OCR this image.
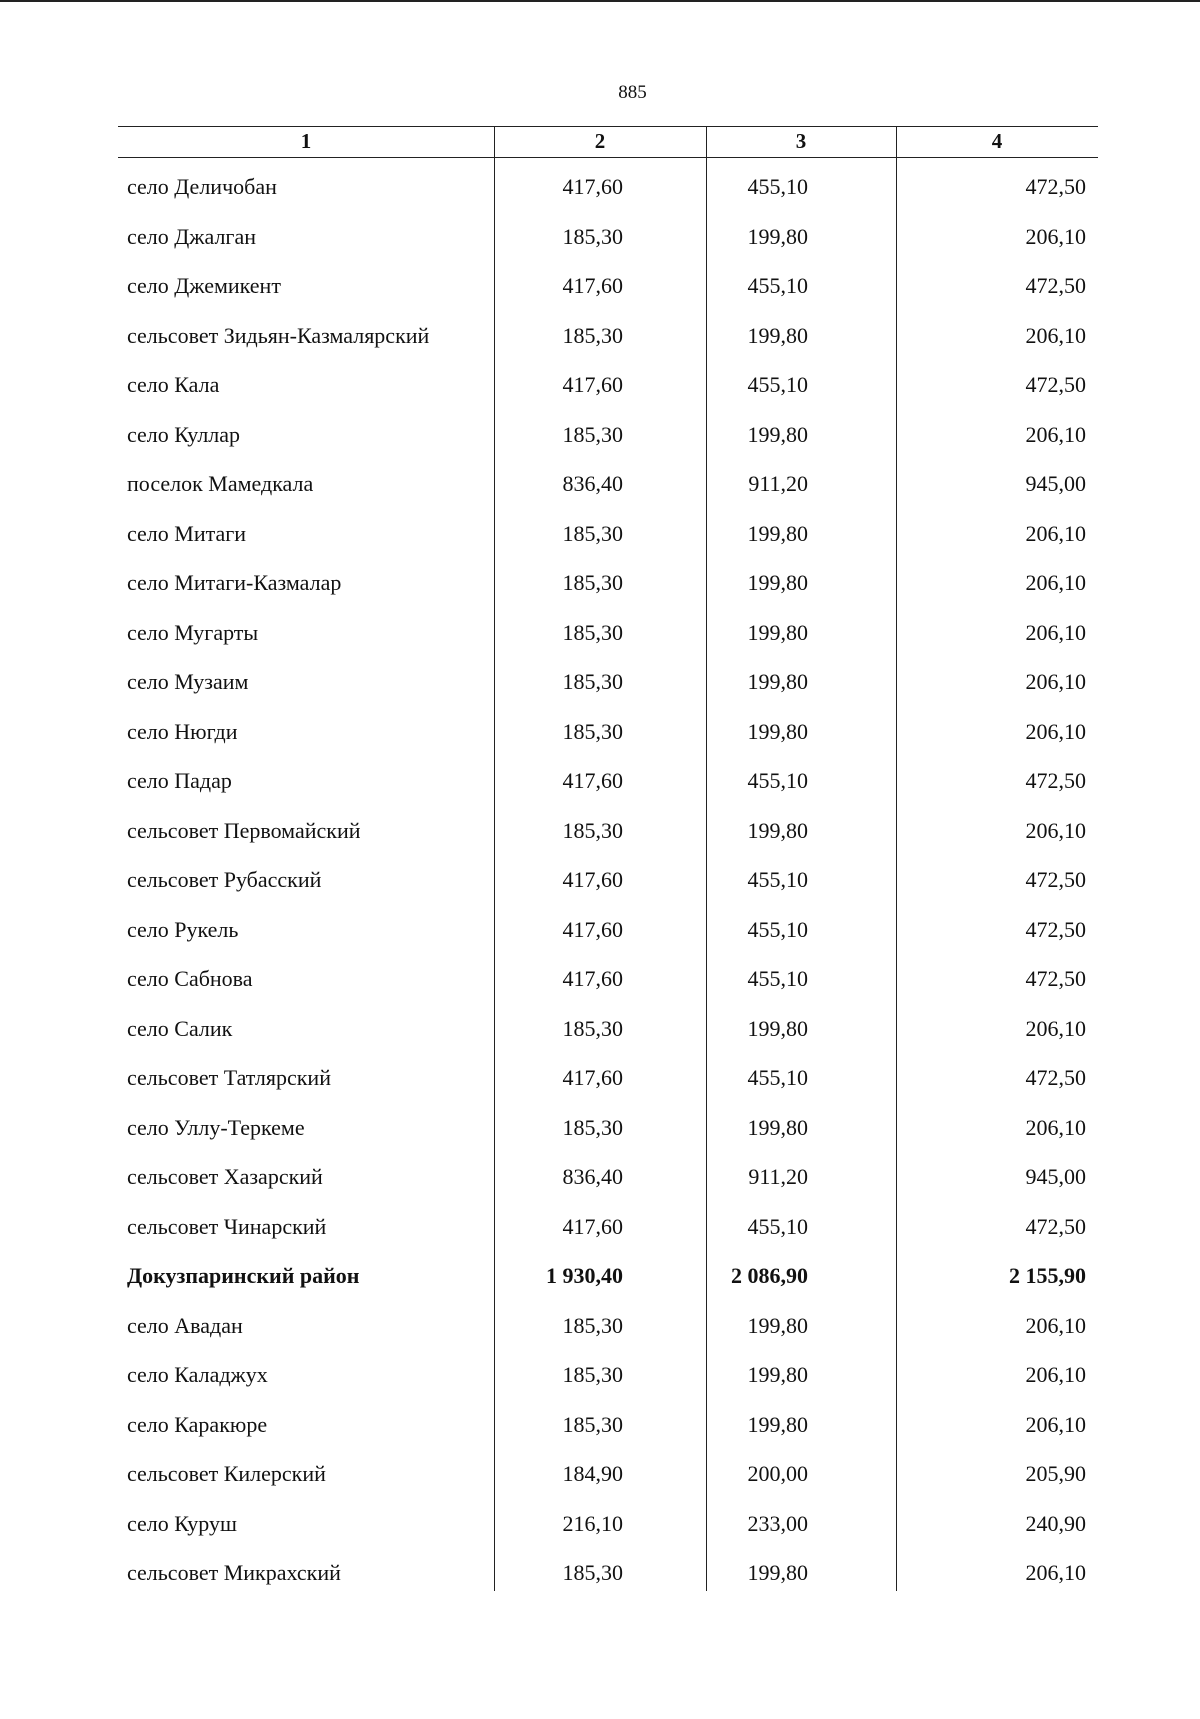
885
1	2	3	4
село Деличобан	417,60	455,10	472,50
село Джалган	185,30	199,80	206,10
село Джемикент	417,60	455,10	472,50
сельсовет Зидьян-Казмалярский	185,30	199,80	206,10
село Кала	417,60	455,10	472,50
село Куллар	185,30	199,80	206,10
поселок Мамедкала	836,40	911,20	945,00
село Митаги	185,30	199,80	206,10
село Митаги-Казмалар	185,30	199,80	206,10
село Мугарты	185,30	199,80	206,10
село Музаим	185,30	199,80	206,10
село Нюгди	185,30	199,80	206,10
село Падар	417,60	455,10	472,50
сельсовет Первомайский	185,30	199,80	206,10
сельсовет Рубасский	417,60	455,10	472,50
село Рукель	417,60	455,10	472,50
село Сабнова	417,60	455,10	472,50
село Салик	185,30	199,80	206,10
сельсовет Татлярский	417,60	455,10	472,50
село Уллу-Теркеме	185,30	199,80	206,10
сельсовет Хазарский	836,40	911,20	945,00
сельсовет Чинарский	417,60	455,10	472,50
Докузпаринский район	1 930,40	2 086,90	2 155,90
село Авадан	185,30	199,80	206,10
село Каладжух	185,30	199,80	206,10
село Каракюре	185,30	199,80	206,10
сельсовет Килерский	184,90	200,00	205,90
село Куруш	216,10	233,00	240,90
сельсовет Микрахский	185,30	199,80	206,10
